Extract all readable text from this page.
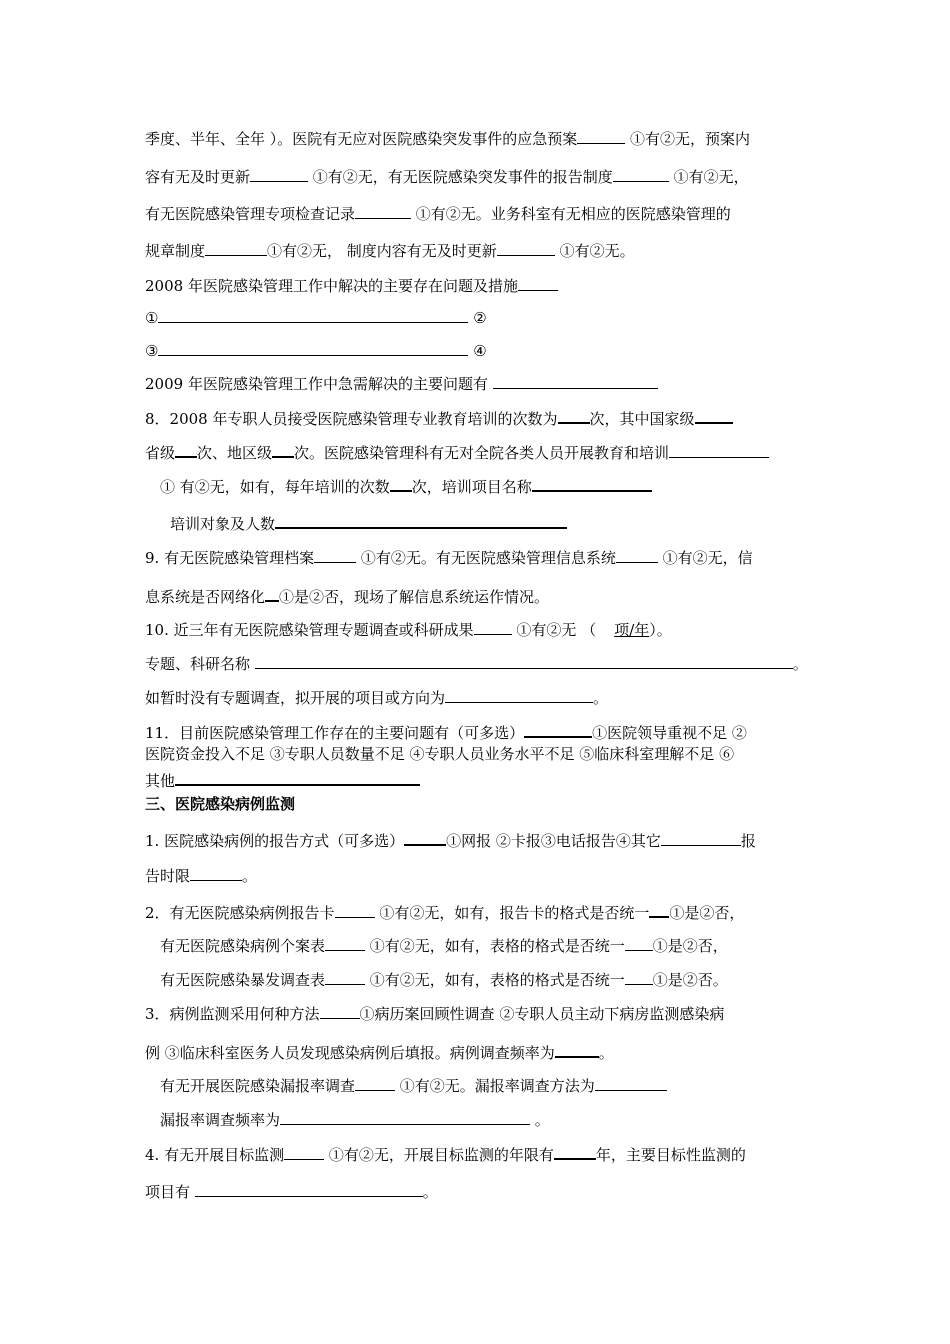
季度、半年、全年 ）。医院有无应对医院感染突发事件的应急预案	①有②无，预案内
容有无及时更新	①有②无，有无医院感染突发事件的报告制度	①有②无，
有无医院感染管理专项检查记录	①有②无。业务科室有无相应的医院感染管理的
规章制度	①有②无， 制度内容有无及时更新	①有②无。
2008 年医院感染管理工作中解决的主要存在问题及措施
①	②
③	④
2009 年医院感染管理工作中急需解决的主要问题有
8．2008 年专职人员接受医院感染管理专业教育培训的次数为 次，其中国家级
省级 次、地区级 次。医院感染管理科有无对全院各类人员开展教育和培训
① 有②无，如有，每年培训的次数 次，培训项目名称
培训对象及人数
9. 有无医院感染管理档案	①有②无。有无医院感染管理信息系统	①有②无，信
息系统是否网络化 ①是②否，现场了解信息系统运作情况。
10. 近三年有无医院感染管理专题调查或科研成果	①有②无 （ 项/年）。
专题、科研名称	。
如暂时没有专题调查，拟开展的项目或方向为	。
11．目前医院感染管理工作存在的主要问题有（可多选）	①医院领导重视不足 ②
医院资金投入不足 ③专职人员数量不足 ④专职人员业务水平不足 ⑤临床科室理解不足 ⑥
其他
三、医院感染病例监测
1. 医院感染病例的报告方式（可多选）	①网报 ②卡报③电话报告④其它	报
告时限	。
2．有无医院感染病例报告卡	①有②无，如有，报告卡的格式是否统一 ①是②否，
有无医院感染病例个案表	①有②无，如有，表格的格式是否统一 ①是②否，
有无医院感染暴发调查表	①有②无，如有，表格的格式是否统一 ①是②否。
3．病例监测采用何种方法	①病历案回顾性调查 ②专职人员主动下病房监测感染病
例 ③临床科室医务人员发现感染病例后填报。病例调查频率为	。
有无开展医院感染漏报率调查	①有②无。漏报率调查方法为
漏报率调查频率为	。
4. 有无开展目标监测	①有②无，开展目标监测的年限有	年，主要目标性监测的
项目有	。
